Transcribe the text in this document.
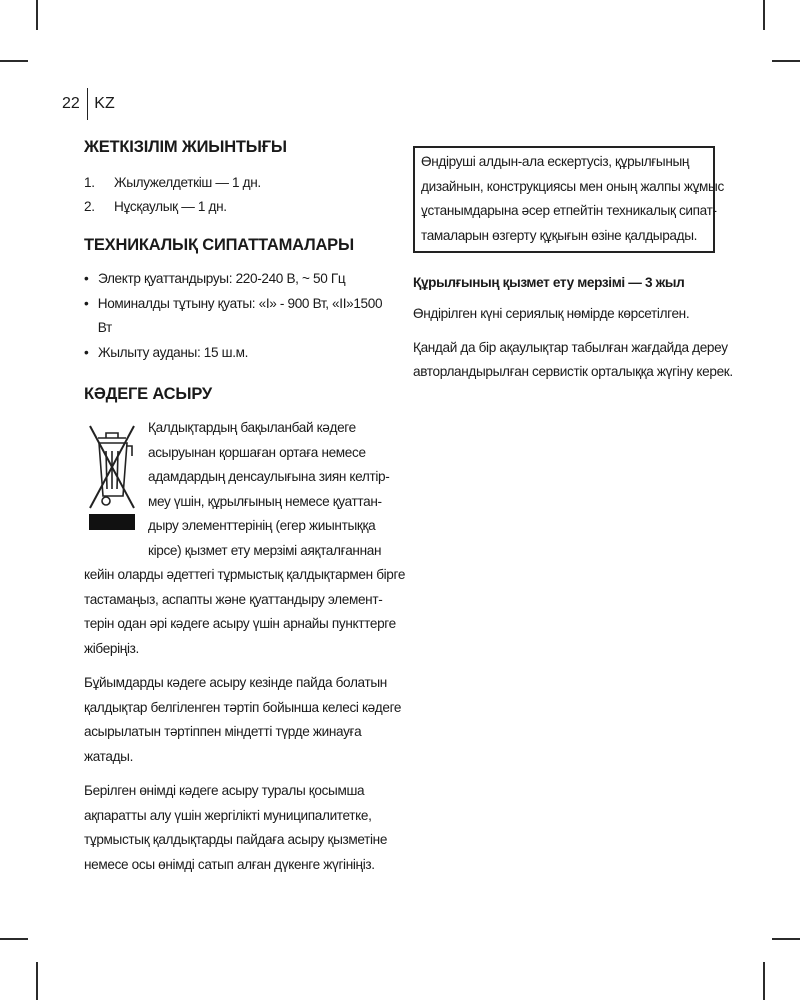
22 KZ
ЖЕТКІЗІЛІМ ЖИЫНТЫҒЫ
1.	Жылужелдеткіш — 1 дн.
2.	Нұсқаулық — 1 дн.
ТЕХНИКАЛЫҚ СИПАТТАМАЛАРЫ
• Электр қуаттандыруы: 220-240 В, ~ 50 Гц
• Номиналды тұтыну қуаты: «I» - 900 Вт, «II»1500 Вт
• Жылыту ауданы: 15 ш.м.
КӘДЕГЕ АСЫРУ
Қалдықтардың бақыланбай кәдеге
асыруынан қоршаған ортаға немесе
адамдардың денсаулығына зиян келтір-
меу үшін, құрылғының немесе қуаттан-
дыру элементтерінің (егер жиынтыққа
кірсе) қызмет ету мерзімі аяқталғаннан
кейін оларды әдеттегі тұрмыстық қалдықтармен бірге
тастамаңыз, аспапты және қуаттандыру элемент-
терін одан әрі кәдеге асыру үшін арнайы пункттерге
жіберіңіз.
Бұйымдарды кәдеге асыру кезінде пайда болатын
қалдықтар белгіленген тәртіп бойынша келесі кәдеге
асырылатын тәртіппен міндетті түрде жинауға
жатады.
Берілген өнімді кәдеге асыру туралы қосымша
ақпаратты алу үшін жергілікті муниципалитетке,
тұрмыстық қалдықтарды пайдаға асыру қызметіне
немесе осы өнімді сатып алған дүкенге жүгініңіз.
Өндіруші алдын-ала ескертусіз, құрылғының
дизайнын, конструкциясы мен оның жалпы жұмыс
ұстанымдарына әсер етпейтін техникалық сипат-
тамаларын өзгерту құқығын өзіне қалдырады.
Құрылғының қызмет ету мерзімі — 3 жыл
Өндірілген күні сериялық нөмірде көрсетілген.
Қандай да бір ақаулықтар табылған жағдайда дереу
авторландырылған сервистік орталыққа жүгіну керек.
